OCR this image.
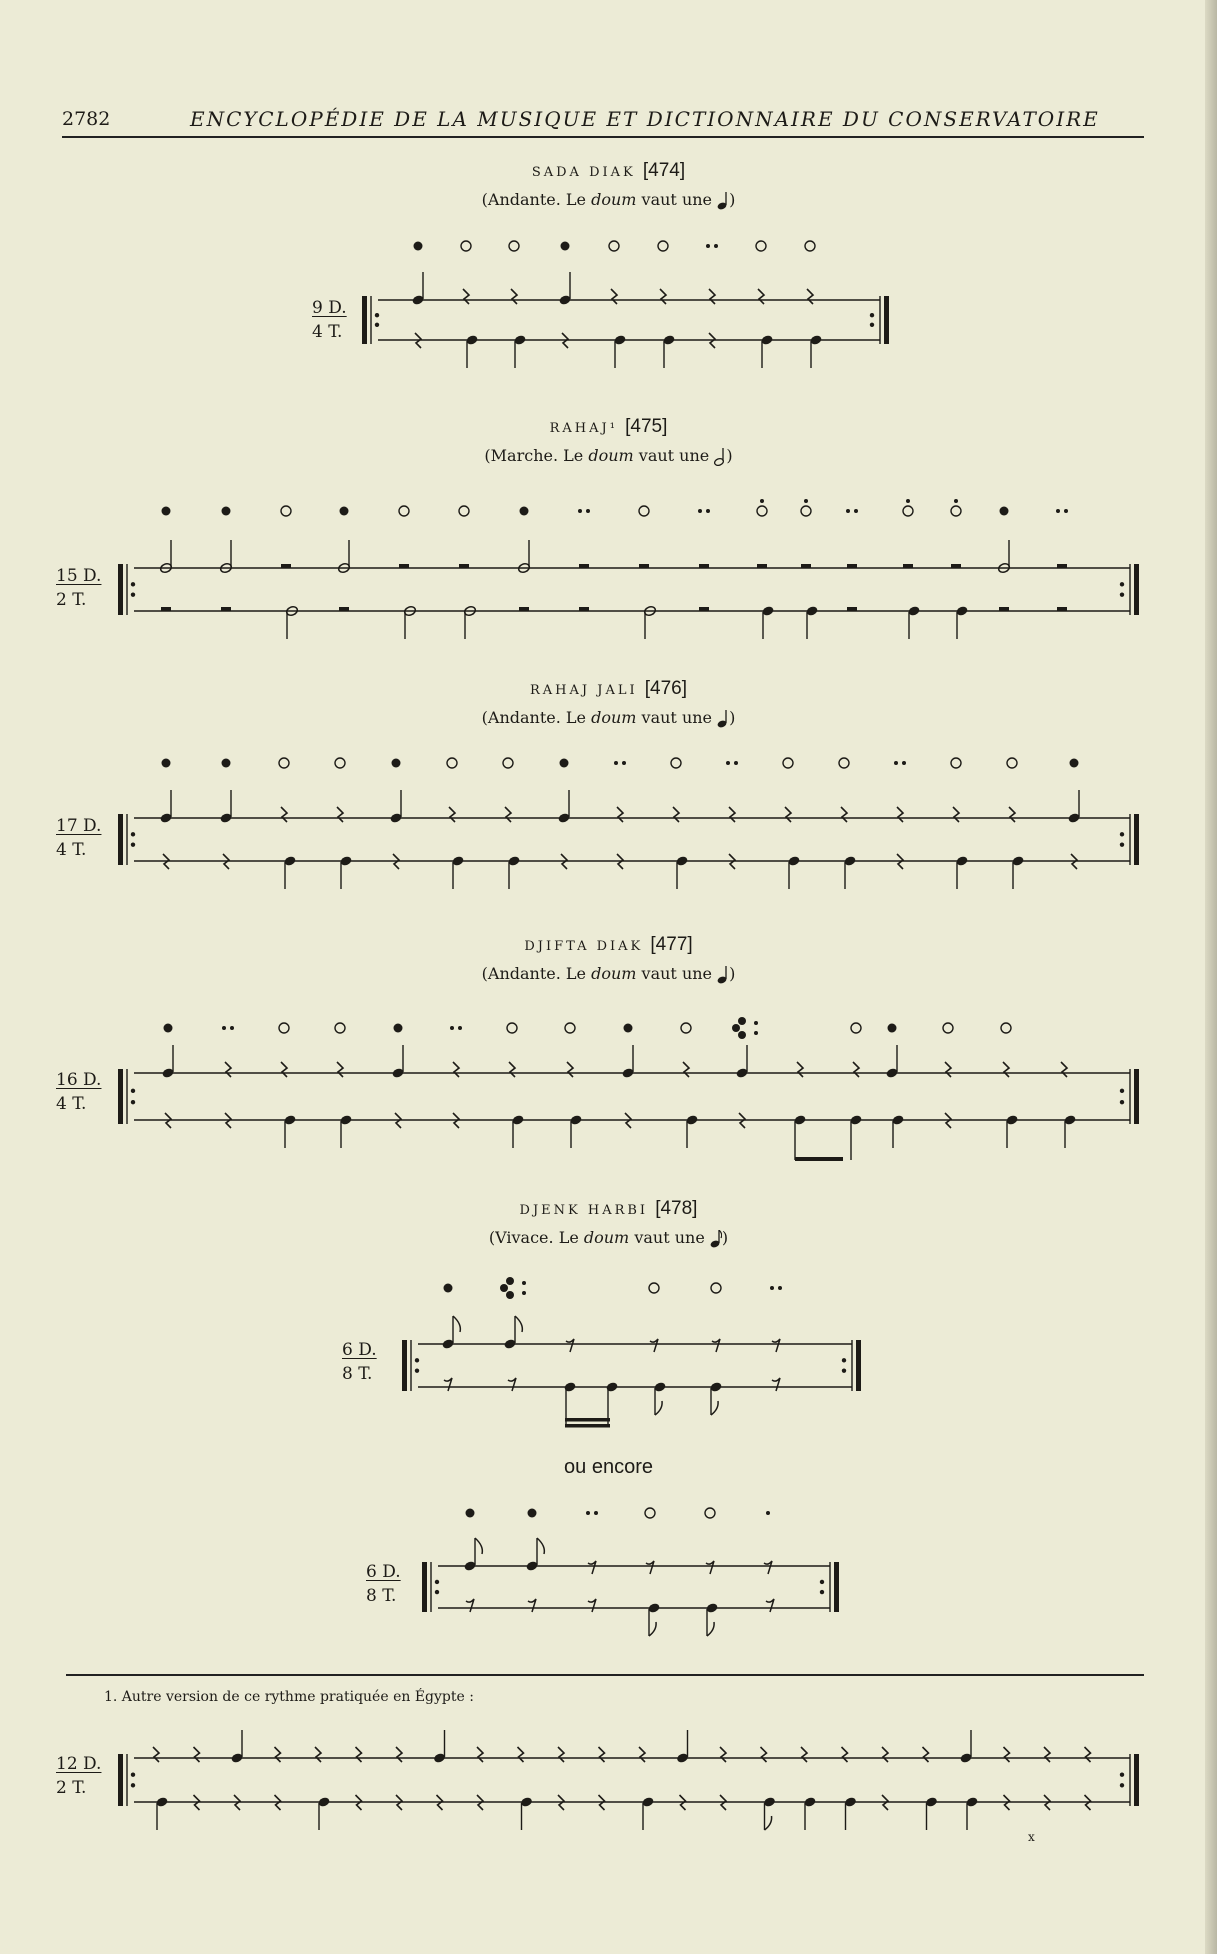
2782	ENCYCLOPÉDIE DE LA MUSIQUE ET DICTIONNAIRE DU CONSERVATOIRE
SADA DIAK [474]
(Andante. Le doum vaut une )
RAHAJ¹ [475]
(Marche. Le doum vaut une )
RAHAJ JALI [476]
(Andante. Le doum vaut une )
DJIFTA DIAK [477]
(Andante. Le doum vaut une )
DJENK HARBI [478]
(Vivace. Le doum vaut une )
ou encore
1. Autre version de ce rythme pratiquée en Égypte :
x
9 D.
4 T.
15 D.
2 T.
17 D.
4 T.
16 D.
4 T.
6 D.
8 T.
6 D.
8 T.
12 D.
2 T.
